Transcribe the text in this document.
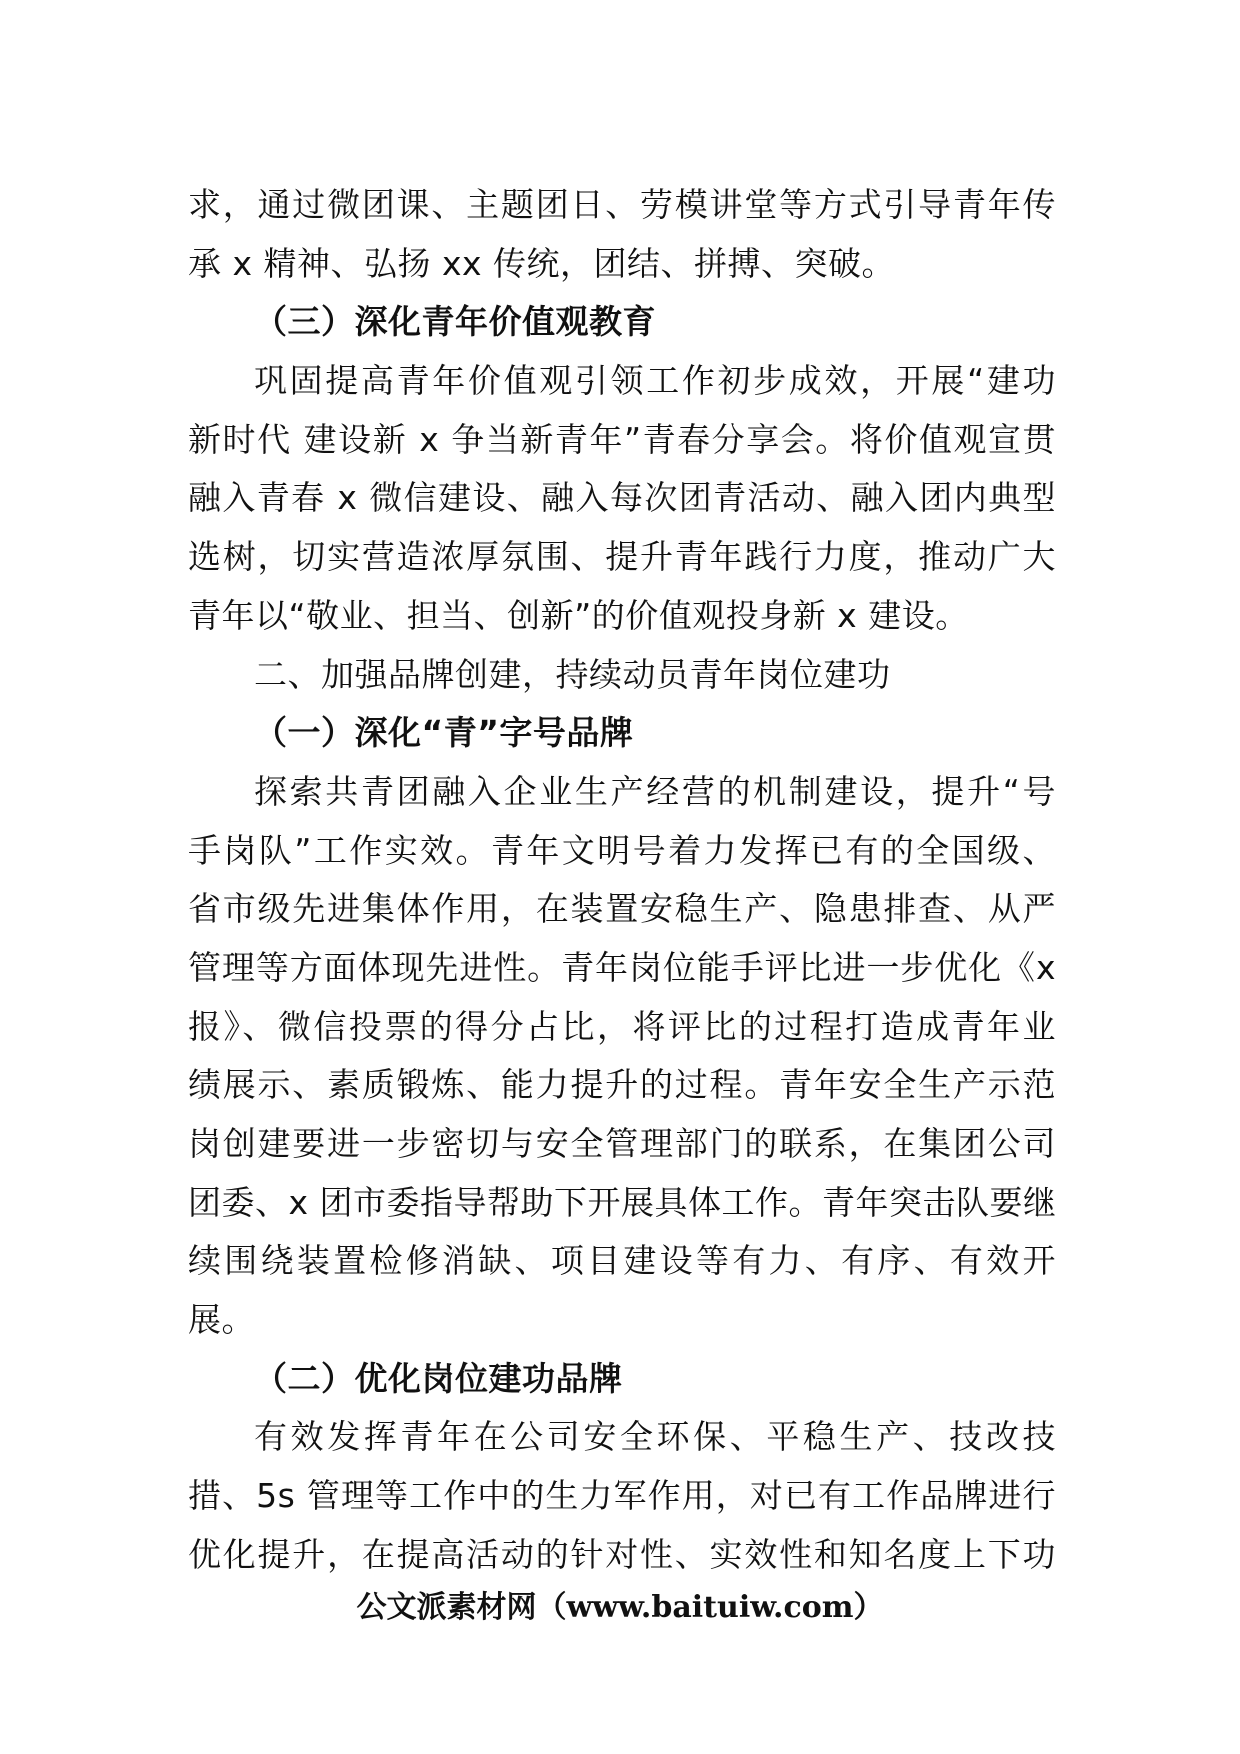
求，通过微团课、主题团日、劳模讲堂等方式引导青年传
承 x 精神、弘扬 xx 传统，团结、拼搏、突破。
（三）深化青年价值观教育
巩固提高青年价值观引领工作初步成效，开展“建功
新时代 建设新 x 争当新青年”青春分享会。将价值观宣贯
融入青春 x 微信建设、融入每次团青活动、融入团内典型
选树，切实营造浓厚氛围、提升青年践行力度，推动广大
青年以“敬业、担当、创新”的价值观投身新 x 建设。
二、加强品牌创建，持续动员青年岗位建功
（一）深化“青”字号品牌
探索共青团融入企业生产经营的机制建设，提升“号
手岗队”工作实效。青年文明号着力发挥已有的全国级、
省市级先进集体作用，在装置安稳生产、隐患排查、从严
管理等方面体现先进性。青年岗位能手评比进一步优化《x
报》、微信投票的得分占比，将评比的过程打造成青年业
绩展示、素质锻炼、能力提升的过程。青年安全生产示范
岗创建要进一步密切与安全管理部门的联系，在集团公司
团委、x 团市委指导帮助下开展具体工作。青年突击队要继
续围绕装置检修消缺、项目建设等有力、有序、有效开
展。
（二）优化岗位建功品牌
有效发挥青年在公司安全环保、平稳生产、技改技
措、5s 管理等工作中的生力军作用，对已有工作品牌进行
优化提升，在提高活动的针对性、实效性和知名度上下功
公文派素材网（www.baituiw.com）
